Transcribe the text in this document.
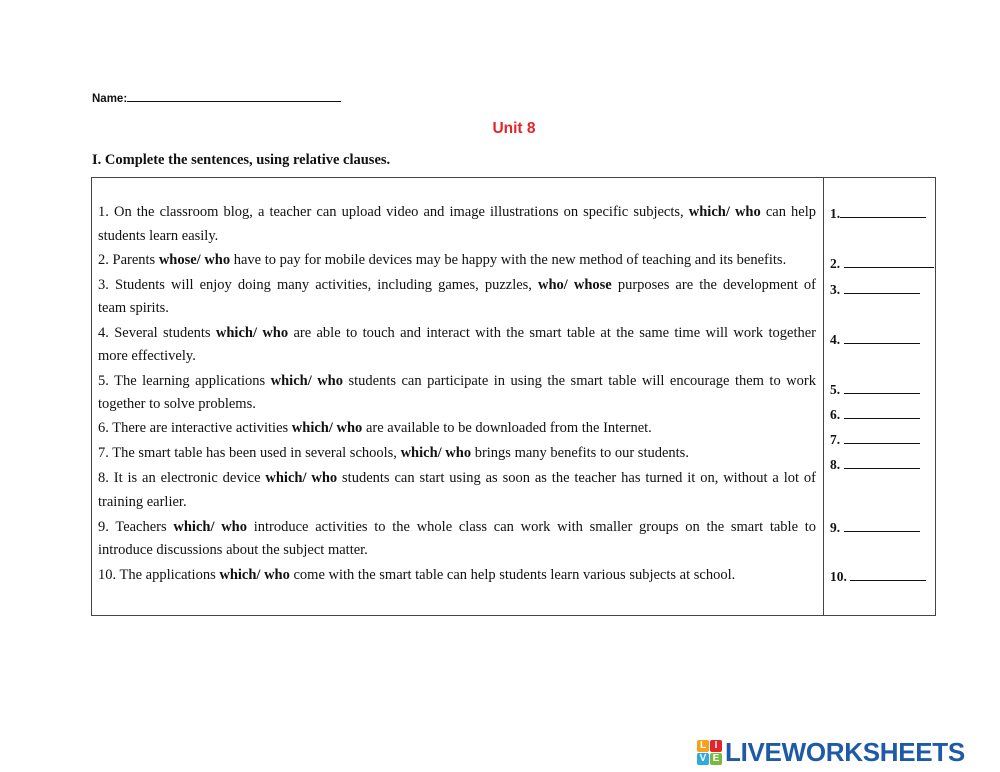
Name:
Unit 8
I. Complete the sentences, using relative clauses.
1. On the classroom blog, a teacher can upload video and image illustrations on specific subjects, which/ who can help
students learn easily.
2. Parents whose/ who have to pay for mobile devices may be happy with the new method of teaching and its benefits.
3. Students will enjoy doing many activities, including games, puzzles, who/ whose purposes are the development of
team spirits.
4. Several students which/ who are able to touch and interact with the smart table at the same time will work together
more effectively.
5. The learning applications which/ who students can participate in using the smart table will encourage them to work
together to solve problems.
6. There are interactive activities which/ who are available to be downloaded from the Internet.
7. The smart table has been used in several schools, which/ who brings many benefits to our students.
8. It is an electronic device which/ who students can start using as soon as the teacher has turned it on, without a lot of
training earlier.
9. Teachers which/ who introduce activities to the whole class can work with smaller groups on the smart table to
introduce discussions about the subject matter.
10. The applications which/ who come with the smart table can help students learn various subjects at school.
1.
2.
3.
4.
5.
6.
7.
8.
9.
10.
L I
V E LIVEWORKSHEETS
